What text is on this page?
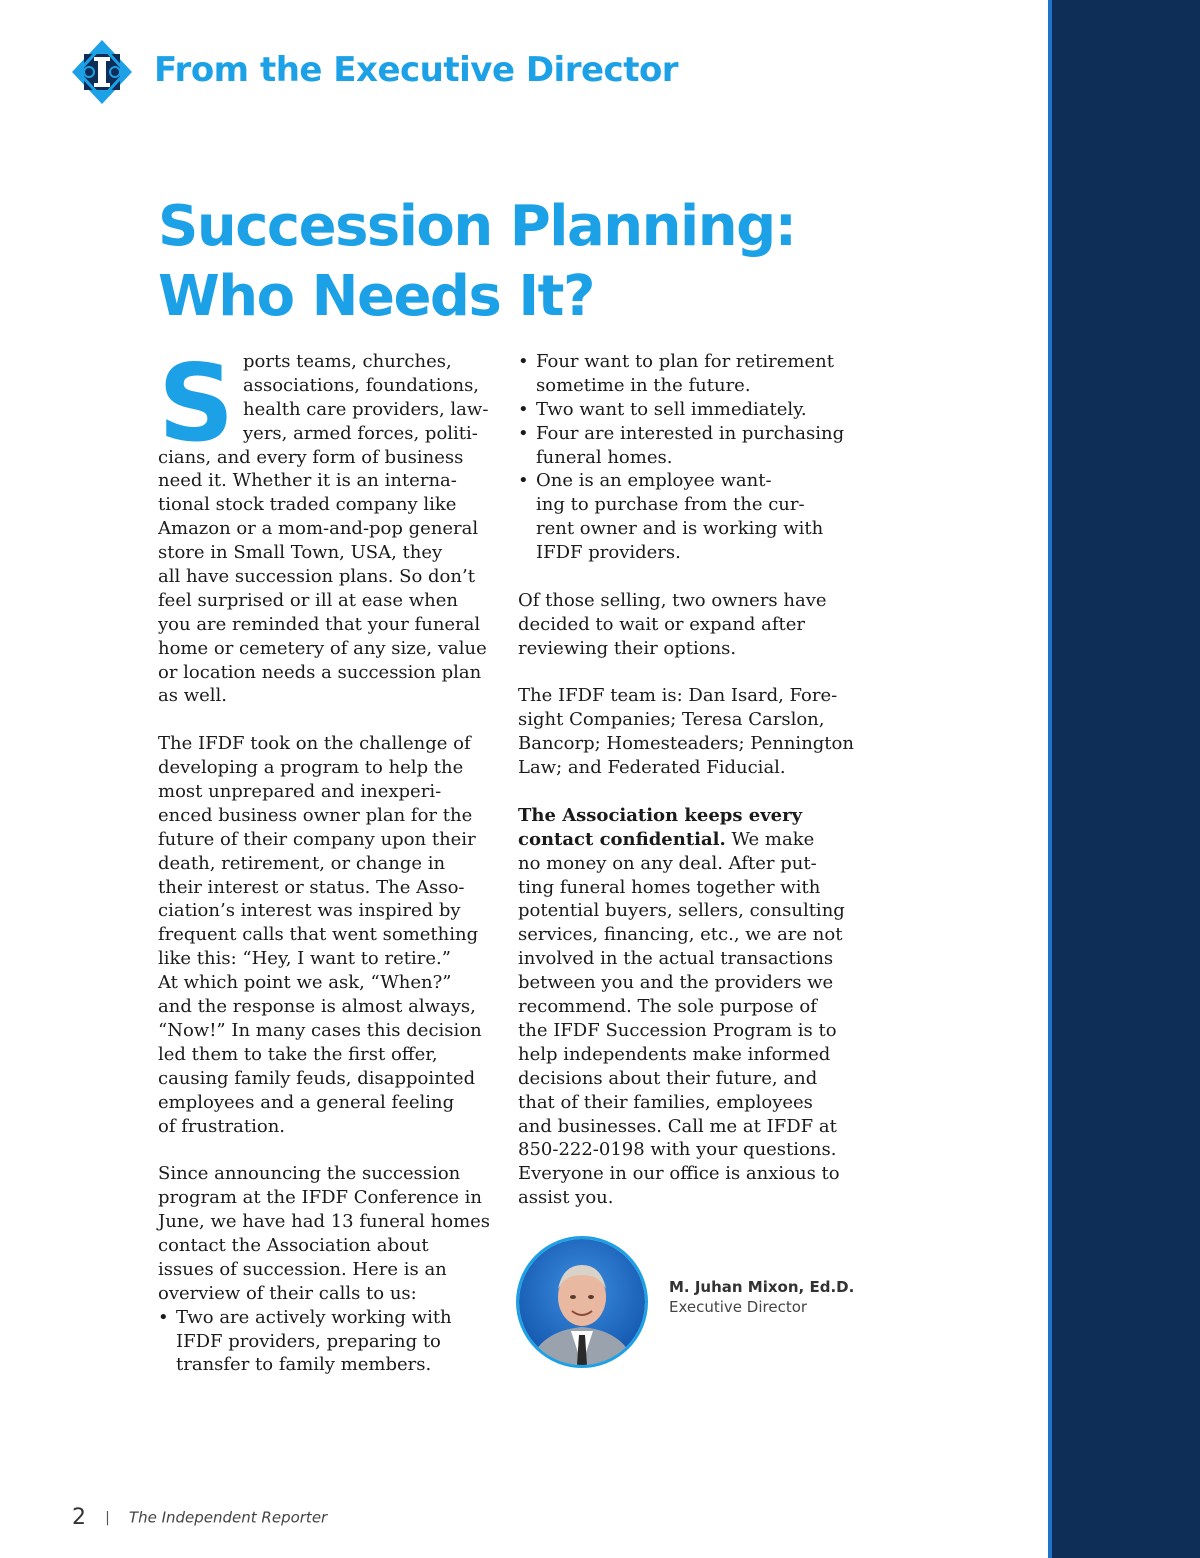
From the Executive Director
Succession Planning:
Who Needs It?
S ports teams, churches,
associations, foundations,
health care providers, law-
yers, armed forces, politi-
cians, and every form of business
need it. Whether it is an interna-
tional stock traded company like
Amazon or a mom-and-pop general
store in Small Town, USA, they
all have succession plans. So don’t
feel surprised or ill at ease when
you are reminded that your funeral
home or cemetery of any size, value
or location needs a succession plan
as well.
The IFDF took on the challenge of
developing a program to help the
most unprepared and inexperi-
enced business owner plan for the
future of their company upon their
death, retirement, or change in
their interest or status. The Asso-
ciation’s interest was inspired by
frequent calls that went something
like this: “Hey, I want to retire.”
At which point we ask, “When?”
and the response is almost always,
“Now!” In many cases this decision
led them to take the first offer,
causing family feuds, disappointed
employees and a general feeling
of frustration.
Since announcing the succession
program at the IFDF Conference in
June, we have had 13 funeral homes
contact the Association about
issues of succession. Here is an
overview of their calls to us:
• Two are actively working with
IFDF providers, preparing to
transfer to family members.
• Four want to plan for retirement
sometime in the future.
• Two want to sell immediately.
• Four are interested in purchasing
funeral homes.
• One is an employee want-
ing to purchase from the cur-
rent owner and is working with
IFDF providers.
Of those selling, two owners have
decided to wait or expand after
reviewing their options.
The IFDF team is: Dan Isard, Fore-
sight Companies; Teresa Carslon,
Bancorp; Homesteaders; Pennington
Law; and Federated Fiducial.
The Association keeps every
contact confidential. We make
no money on any deal. After put-
ting funeral homes together with
potential buyers, sellers, consulting
services, financing, etc., we are not
involved in the actual transactions
between you and the providers we
recommend. The sole purpose of
the IFDF Succession Program is to
help independents make informed
decisions about their future, and
that of their families, employees
and businesses. Call me at IFDF at
850-222-0198 with your questions.
Everyone in our office is anxious to
assist you.
M. Juhan Mixon, Ed.D.
Executive Director
2 | The Independent Reporter
